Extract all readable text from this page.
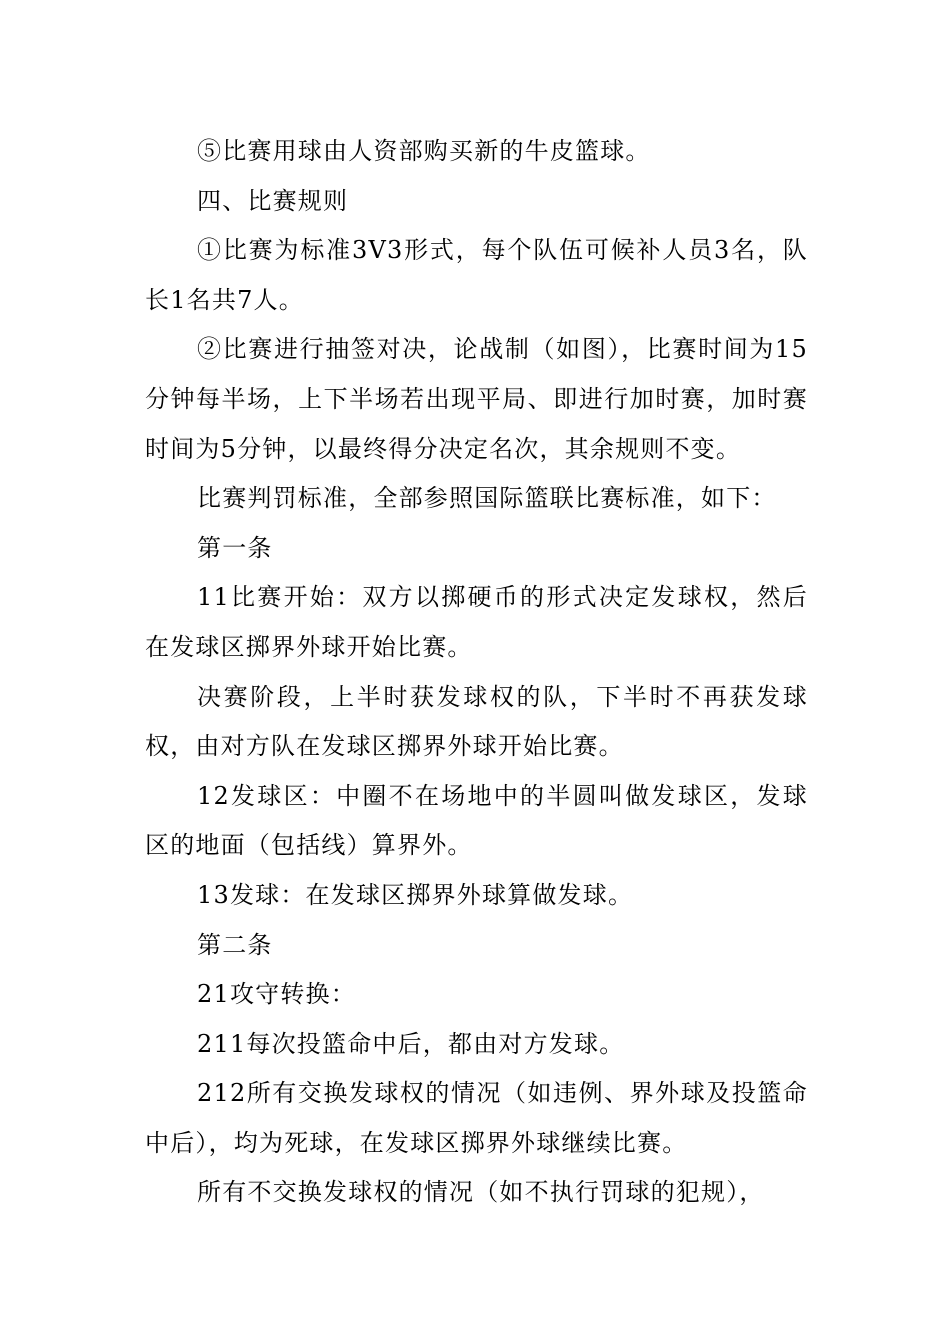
⑤比赛用球由人资部购买新的牛皮篮球。

四、比赛规则

①比赛为标准3V3形式，每个队伍可候补人员3名，队长1名共7人。

②比赛进行抽签对决，论战制（如图），比赛时间为15分钟每半场，上下半场若出现平局、即进行加时赛，加时赛时间为5分钟，以最终得分决定名次，其余规则不变。

比赛判罚标准，全部参照国际篮联比赛标准，如下：

第一条

11比赛开始：双方以掷硬币的形式决定发球权，然后在发球区掷界外球开始比赛。

决赛阶段，上半时获发球权的队，下半时不再获发球权，由对方队在发球区掷界外球开始比赛。

12发球区：中圈不在场地中的半圆叫做发球区，发球区的地面（包括线）算界外。

13发球：在发球区掷界外球算做发球。

第二条

21攻守转换：

211每次投篮命中后，都由对方发球。

212所有交换发球权的情况（如违例、界外球及投篮命中后），均为死球，在发球区掷界外球继续比赛。

所有不交换发球权的情况（如不执行罚球的犯规），
